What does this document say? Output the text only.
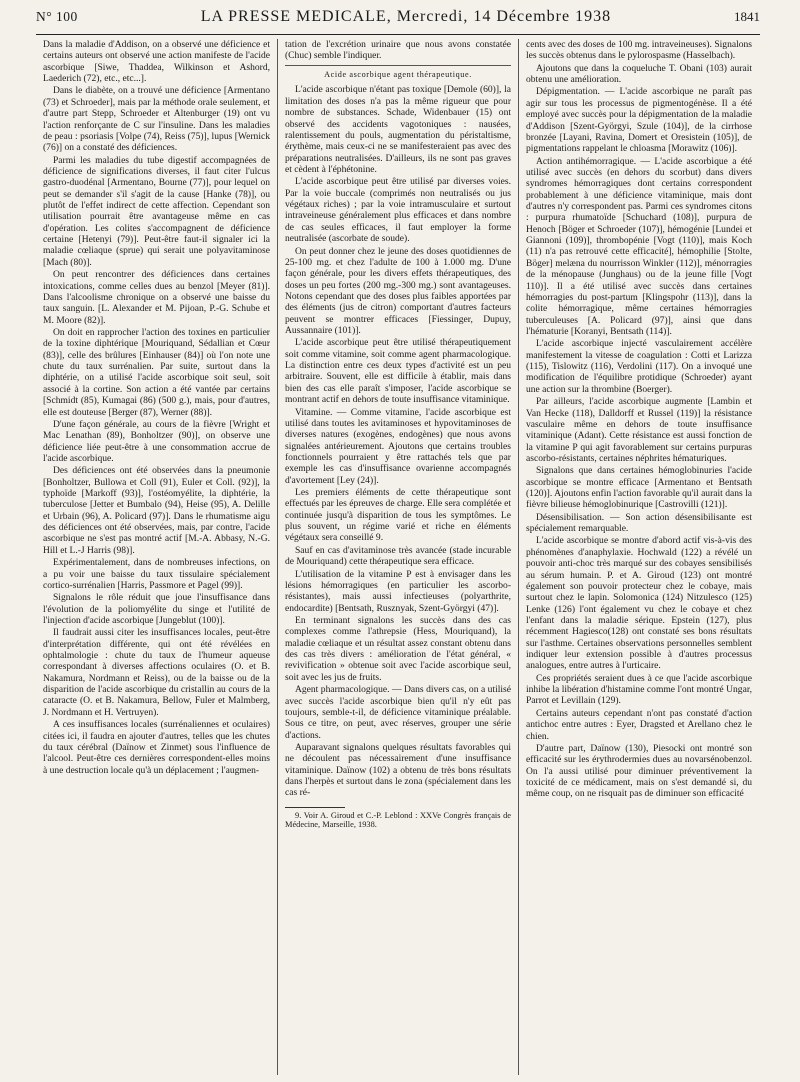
N° 100	LA PRESSE MEDICALE, Mercredi, 14 Décembre 1938	1841

Dans la maladie d'Addison, on a observé une déficience et certains auteurs ont observé une action manifeste de l'acide ascorbique [Siwe, Thaddea, Wilkinson et Ashord, Laederich (72), etc., etc...].

Dans le diabète, on a trouvé une déficience [Armentano (73) et Schroeder], mais par la méthode orale seulement, et d'autre part Stepp, Schroeder et Altenburger (19) ont vu l'action renforçante de C sur l'insuline. Dans les maladies de peau : psoriasis [Volpe (74), Reiss (75)], lupus [Wernick (76)] on a constaté des déficiences.

Parmi les maladies du tube digestif accompagnées de déficience de significations diverses, il faut citer l'ulcus gastro-duodénal [Armentano, Bourne (77)], pour lequel on peut se demander s'il s'agit de la cause [Hanke (78)], ou plutôt de l'effet indirect de cette affection. Cependant son utilisation pourrait être avantageuse même en cas d'opération. Les colites s'accompagnent de déficience certaine [Hetenyi (79)]. Peut-être faut-il signaler ici la maladie cœliaque (sprue) qui serait une polyavitaminose [Mach (80)].

On peut rencontrer des déficiences dans certaines intoxications, comme celles dues au benzol [Meyer (81)]. Dans l'alcoolisme chronique on a observé une baisse du taux sanguin. [L. Alexander et M. Pijoan, P.-G. Schube et M. Moore (82)].

On doit en rapprocher l'action des toxines en particulier de la toxine diphtérique [Mouriquand, Sédallian et Cœur (83)], celle des brûlures [Einhauser (84)] où l'on note une chute du taux surrénalien. Par suite, surtout dans la diphtérie, on a utilisé l'acide ascorbique soit seul, soit associé à la cortine. Son action a été vantée par certains [Schmidt (85), Kumagai (86) (500 g.), mais, pour d'autres, elle est douteuse [Berger (87), Werner (88)].

D'une façon générale, au cours de la fièvre [Wright et Mac Lenathan (89), Bonholtzer (90)], on observe une déficience liée peut-être à une consommation accrue de l'acide ascorbique.

Des déficiences ont été observées dans la pneumonie [Bonholtzer, Bullowa et Coll (91), Euler et Coll. (92)], la typhoïde [Markoff (93)], l'ostéomyélite, la diphtérie, la tuberculose [Jetter et Bumbalo (94), Heise (95), A. Delille et Urbain (96), A. Policard (97)]. Dans le rhumatisme aigu des déficiences ont été observées, mais, par contre, l'acide ascorbique ne s'est pas montré actif [M.-A. Abbasy, N.-G. Hill et L.-J Harris (98)].

Expérimentalement, dans de nombreuses infections, on a pu voir une baisse du taux tissulaire spécialement cortico-surrénalien [Harris, Passmore et Pagel (99)].

Signalons le rôle réduit que joue l'insuffisance dans l'évolution de la poliomyélite du singe et l'utilité de l'injection d'acide ascorbique [Jungeblut (100)].

Il faudrait aussi citer les insuffisances locales, peut-être d'interprétation différente, qui ont été révélées en ophtalmologie : chute du taux de l'humeur aqueuse correspondant à diverses affections oculaires (O. et B. Nakamura, Nordmann et Reiss), ou de la baisse ou de la disparition de l'acide ascorbique du cristallin au cours de la cataracte (O. et B. Nakamura, Bellow, Fuler et Malmberg, J. Nordmann et H. Vertruyen).

A ces insuffisances locales (surrénaliennes et oculaires) citées ici, il faudra en ajouter d'autres, telles que les chutes du taux cérébral (Daïnow et Zinmet) sous l'influence de l'alcool. Peut-être ces dernières correspondent-elles moins à une destruction locale qu'à un déplacement ; l'augmen-

tation de l'excrétion urinaire que nous avons constatée (Chuc) semble l'indiquer.

Acide ascorbique agent thérapeutique.

L'acide ascorbique n'étant pas toxique [Demole (60)], la limitation des doses n'a pas la même rigueur que pour nombre de substances. Schade, Widenbauer (15) ont observé des accidents vagotoniques : nausées, ralentissement du pouls, augmentation du péristaltisme, érythème, mais ceux-ci ne se manifesteraient pas avec des préparations neutralisées. D'ailleurs, ils ne sont pas graves et cèdent à l'éphétonine.

L'acide ascorbique peut être utilisé par diverses voies. Par la voie buccale (comprimés non neutralisés ou jus végétaux riches) ; par la voie intramusculaire et surtout intraveineuse généralement plus efficaces et dans nombre de cas seules efficaces, il faut employer la forme neutralisée (ascorbate de soude).

On peut donner chez le jeune des doses quotidiennes de 25-100 mg. et chez l'adulte de 100 à 1.000 mg. D'une façon générale, pour les divers effets thérapeutiques, des doses un peu fortes (200 mg.-300 mg.) sont avantageuses. Notons cependant que des doses plus faibles apportées par des éléments (jus de citron) comportant d'autres facteurs peuvent se montrer efficaces [Fiessinger, Dupuy, Aussannaire (101)].

L'acide ascorbique peut être utilisé thérapeutiquement soit comme vitamine, soit comme agent pharmacologique. La distinction entre ces deux types d'activité est un peu arbitraire. Souvent, elle est difficile à établir, mais dans bien des cas elle paraît s'imposer, l'acide ascorbique se montrant actif en dehors de toute insuffisance vitaminique.

Vitamine. — Comme vitamine, l'acide ascorbique est utilisé dans toutes les avitaminoses et hypovitaminoses de diverses natures (exogènes, endogènes) que nous avons signalées antérieurement. Ajoutons que certains troubles fonctionnels pourraient y être rattachés tels que par exemple les cas d'insuffisance ovarienne accompagnés d'avortement [Ley (24)].

Les premiers éléments de cette thérapeutique sont effectués par les épreuves de charge. Elle sera complétée et continuée jusqu'à disparition de tous les symptômes. Le plus souvent, un régime varié et riche en éléments végétaux sera conseillé 9.

Sauf en cas d'avitaminose très avancée (stade incurable de Mouriquand) cette thérapeutique sera efficace.

L'utilisation de la vitamine P est à envisager dans les lésions hémorragiques (en particulier les ascorbo-résistantes), mais aussi infectieuses (polyarthrite, endocardite) [Bentsath, Rusznyak, Szent-Györgyi (47)].

En terminant signalons les succès dans des cas complexes comme l'athrepsie (Hess, Mouriquand), la maladie cœliaque et un résultat assez constant obtenu dans des cas très divers : amélioration de l'état général, « revivification » obtenue soit avec l'acide ascorbique seul, soit avec les jus de fruits.

Agent pharmacologique. — Dans divers cas, on a utilisé avec succès l'acide ascorbique bien qu'il n'y eût pas toujours, semble-t-il, de déficience vitaminique préalable. Sous ce titre, on peut, avec réserves, grouper une série d'actions.

Auparavant signalons quelques résultats favorables qui ne découlent pas nécessairement d'une insuffisance vitaminique. Daïnow (102) a obtenu de très bons résultats dans l'herpès et surtout dans le zona (spécialement dans les cas ré-

9. Voir A. Giroud et C.-P. Leblond : XXVe Congrès français de Médecine, Marseille, 1938.

cents avec des doses de 100 mg. intraveineuses). Signalons les succès obtenus dans le pylorospasme (Hasselbach).

Ajoutons que dans la coqueluche T. Obani (103) aurait obtenu une amélioration.

Dépigmentation. — L'acide ascorbique ne paraît pas agir sur tous les processus de pigmentogénèse. Il a été employé avec succès pour la dépigmentation de la maladie d'Addison [Szent-Györgyi, Szule (104)], de la cirrhose bronzée [Layani, Ravina, Domert et Oresistein (105)], de pigmentations rappelant le chloasma [Morawitz (106)].

Action antihémorragique. — L'acide ascorbique a été utilisé avec succès (en dehors du scorbut) dans divers syndromes hémorragiques dont certains correspondent probablement à une déficience vitaminique, mais dont d'autres n'y correspondent pas. Parmi ces syndromes citons : purpura rhumatoïde [Schuchard (108)], purpura de Henoch [Böger et Schroeder (107)], hémogénie [Lundei et Giannoni (109)], thrombopénie [Vogt (110)], mais Koch (11) n'a pas retrouvé cette efficacité], hémophilie [Stolte, Böger] melæna du nourrisson Winkler (112)], ménorragies de la ménopause (Junghaus) ou de la jeune fille [Vogt 110)]. Il a été utilisé avec succès dans certaines hémorragies du post-partum [Klingspohr (113)], dans la colite hémorragique, même certaines hémorragies tuberculeuses [A. Policard (97)], ainsi que dans l'hématurie [Koranyi, Bentsath (114)].

L'acide ascorbique injecté vasculairement accélère manifestement la vitesse de coagulation : Cotti et Larizza (115), Tislowitz (116), Verdolini (117). On a invoqué une modification de l'équilibre protidique (Schroeder) ayant une action sur la thrombine (Boerger).

Par ailleurs, l'acide ascorbique augmente [Lambin et Van Hecke (118), Dalldorff et Russel (119)] la résistance vasculaire même en dehors de toute insuffisance vitaminique (Adant). Cette résistance est aussi fonction de la vitamine P qui agit favorablement sur certains purpuras ascorbo-résistants, certaines néphrites hématuriques.

Signalons que dans certaines hémoglobinuries l'acide ascorbique se montre efficace [Armentano et Bentsath (120)]. Ajoutons enfin l'action favorable qu'il aurait dans la fièvre bilieuse hémoglobinurique [Castrovilli (121)].

Désensibilisation. — Son action désensibilisante est spécialement remarquable.

L'acide ascorbique se montre d'abord actif vis-à-vis des phénomènes d'anaphylaxie. Hochwald (122) a révélé un pouvoir anti-choc très marqué sur des cobayes sensibilisés au sérum humain. P. et A. Giroud (123) ont montré également son pouvoir protecteur chez le cobaye, mais surtout chez le lapin. Solomonica (124) Nitzulesco (125) Lenke (126) l'ont également vu chez le cobaye et chez l'enfant dans la maladie sérique. Epstein (127), plus récemment Hagiesco(128) ont constaté ses bons résultats sur l'asthme. Certaines observations personnelles semblent indiquer leur extension possible à d'autres processus analogues, entre autres à l'urticaire.

Ces propriétés seraient dues à ce que l'acide ascorbique inhibe la libération d'histamine comme l'ont montré Ungar, Parrot et Levillain (129).

Certains auteurs cependant n'ont pas constaté d'action antichoc entre autres : Eyer, Dragsted et Arellano chez le chien.

D'autre part, Daïnow (130), Piesocki ont montré son efficacité sur les érythrodermies dues au novarsénobenzol. On l'a aussi utilisé pour diminuer préventivement la toxicité de ce médicament, mais on s'est demandé si, du même coup, on ne risquait pas de diminuer son efficacité
